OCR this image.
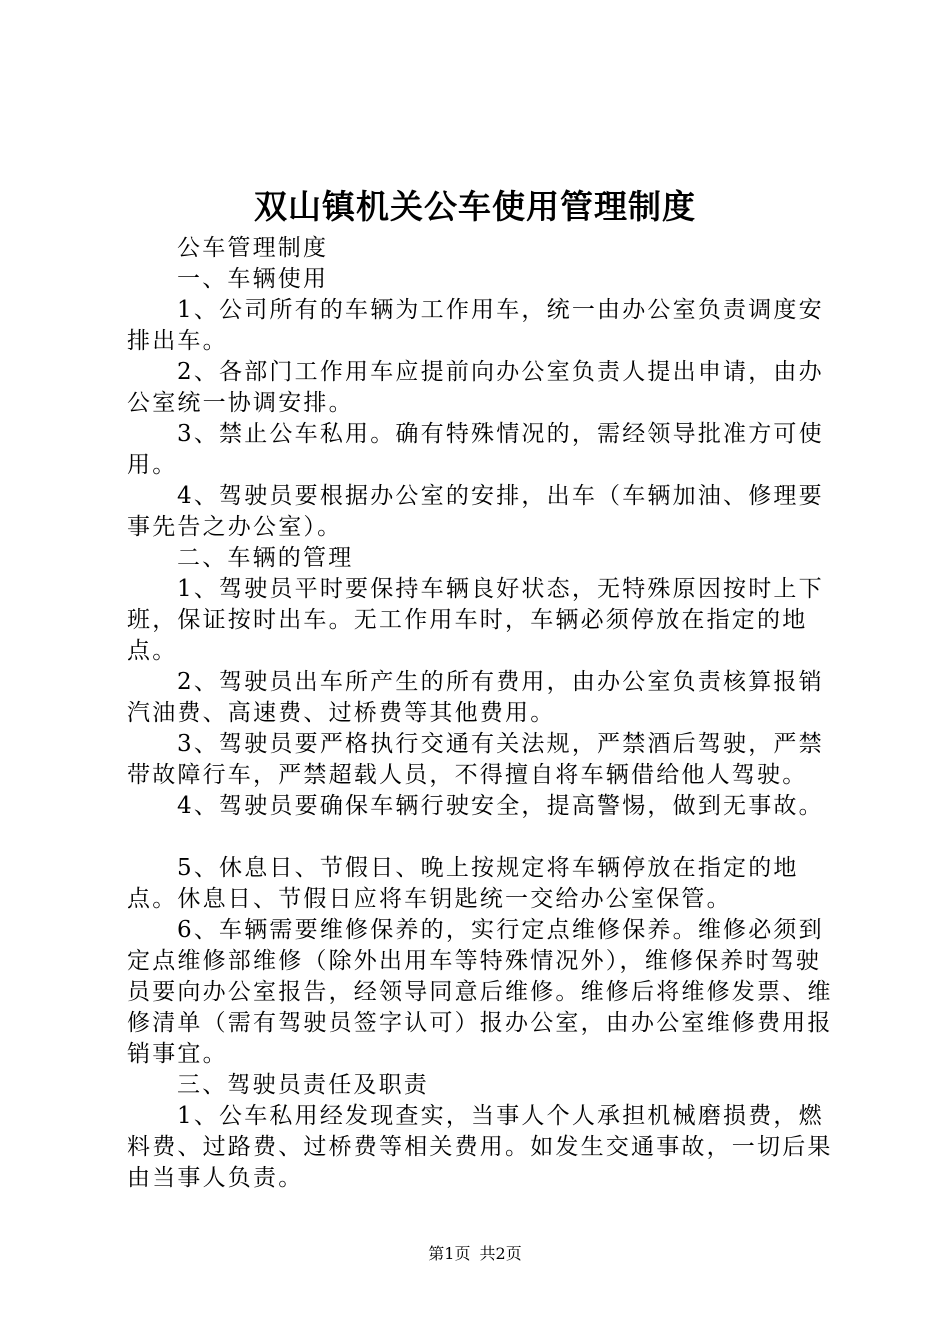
双山镇机关公车使用管理制度

公车管理制度

一、车辆使用

1、公司所有的车辆为工作用车，统一由办公室负责调度安排出车。

2、各部门工作用车应提前向办公室负责人提出申请，由办公室统一协调安排。

3、禁止公车私用。确有特殊情况的，需经领导批准方可使用。

4、驾驶员要根据办公室的安排，出车（车辆加油、修理要事先告之办公室）。

二、车辆的管理

1、驾驶员平时要保持车辆良好状态，无特殊原因按时上下班，保证按时出车。无工作用车时，车辆必须停放在指定的地点。

2、驾驶员出车所产生的所有费用，由办公室负责核算报销汽油费、高速费、过桥费等其他费用。

3、驾驶员要严格执行交通有关法规，严禁酒后驾驶，严禁带故障行车，严禁超载人员，不得擅自将车辆借给他人驾驶。

4、驾驶员要确保车辆行驶安全，提高警惕，做到无事故。

5、休息日、节假日、晚上按规定将车辆停放在指定的地点。休息日、节假日应将车钥匙统一交给办公室保管。

6、车辆需要维修保养的，实行定点维修保养。维修必须到定点维修部维修（除外出用车等特殊情况外），维修保养时驾驶员要向办公室报告，经领导同意后维修。维修后将维修发票、维修清单（需有驾驶员签字认可）报办公室，由办公室维修费用报销事宜。

三、驾驶员责任及职责

1、公车私用经发现查实，当事人个人承担机械磨损费，燃料费、过路费、过桥费等相关费用。如发生交通事故，一切后果由当事人负责。

第1页 共2页
